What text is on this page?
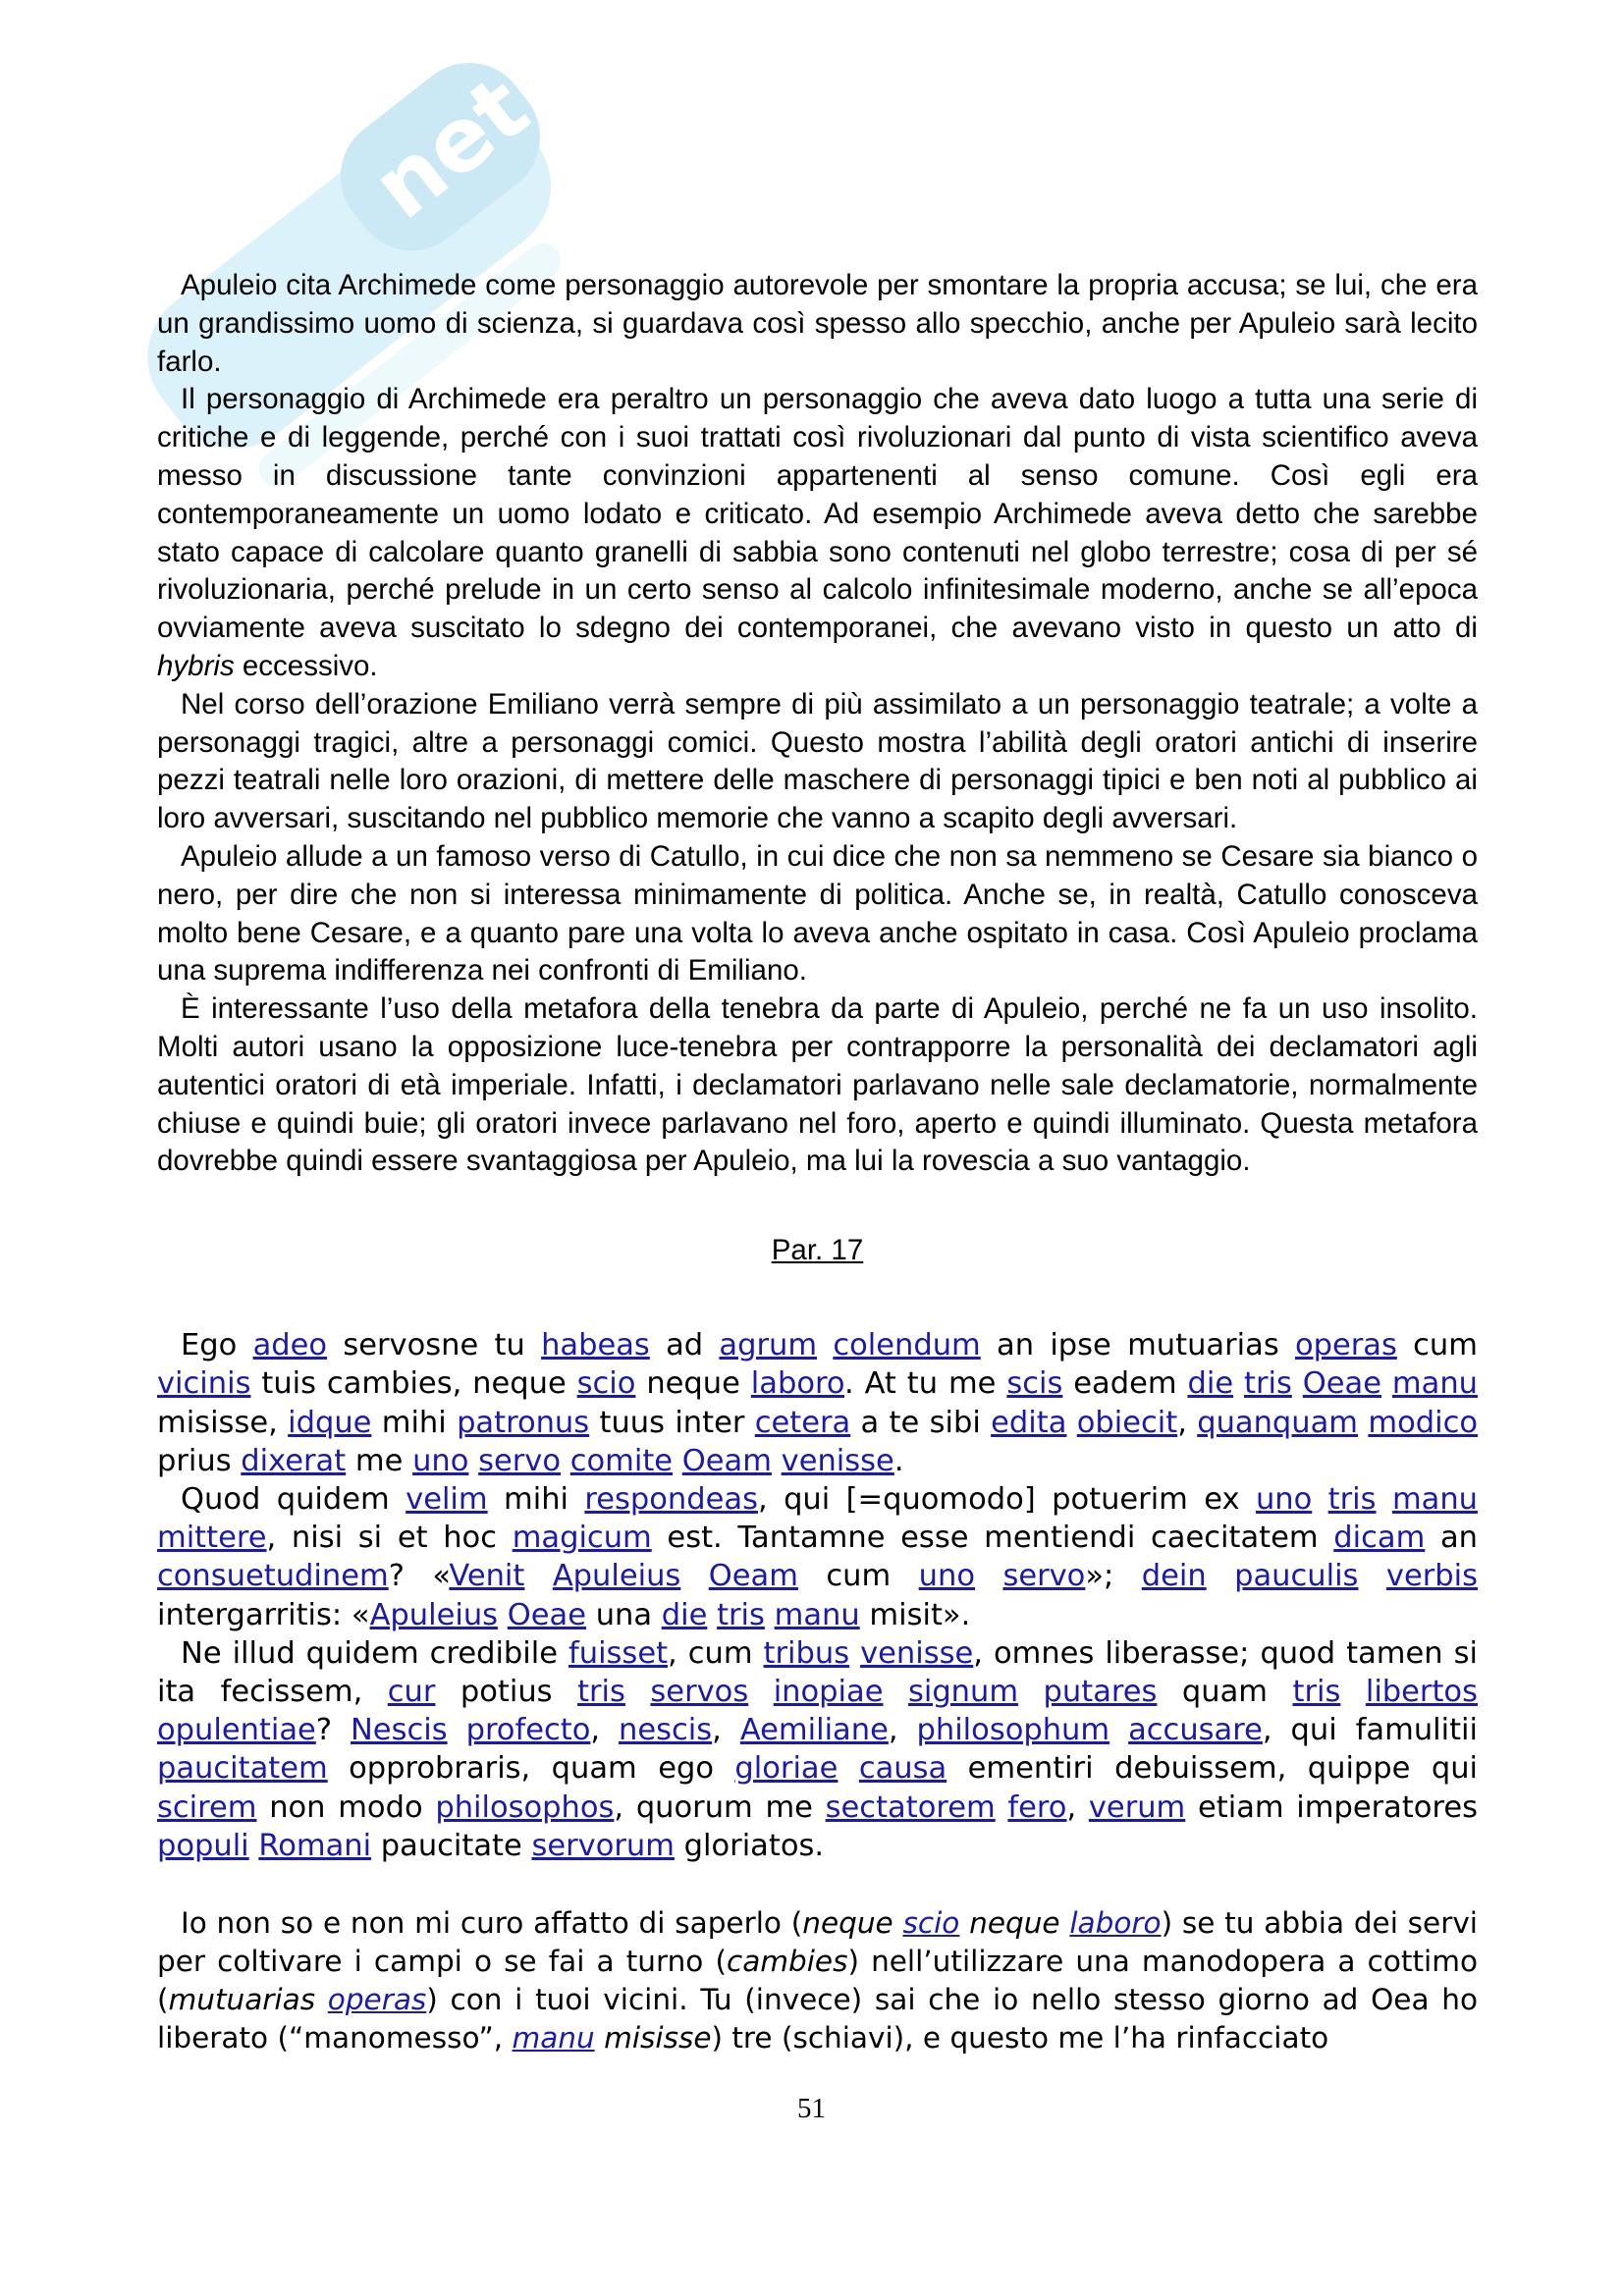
net

Apuleio cita Archimede come personaggio autorevole per smontare la propria accusa; se lui, che era un grandissimo uomo di scienza, si guardava così spesso allo specchio, anche per Apuleio sarà lecito farlo.

Il personaggio di Archimede era peraltro un personaggio che aveva dato luogo a tutta una serie di critiche e di leggende, perché con i suoi trattati così rivoluzionari dal punto di vista scientifico aveva messo in discussione tante convinzioni appartenenti al senso comune. Così egli era contemporaneamente un uomo lodato e criticato. Ad esempio Archimede aveva detto che sarebbe stato capace di calcolare quanto granelli di sabbia sono contenuti nel globo terrestre; cosa di per sé rivoluzionaria, perché prelude in un certo senso al calcolo infinitesimale moderno, anche se all’epoca ovviamente aveva suscitato lo sdegno dei contemporanei, che avevano visto in questo un atto di hybris eccessivo.

Nel corso dell’orazione Emiliano verrà sempre di più assimilato a un personaggio teatrale; a volte a personaggi tragici, altre a personaggi comici. Questo mostra l’abilità degli oratori antichi di inserire pezzi teatrali nelle loro orazioni, di mettere delle maschere di personaggi tipici e ben noti al pubblico ai loro avversari, suscitando nel pubblico memorie che vanno a scapito degli avversari.

Apuleio allude a un famoso verso di Catullo, in cui dice che non sa nemmeno se Cesare sia bianco o nero, per dire che non si interessa minimamente di politica. Anche se, in realtà, Catullo conosceva molto bene Cesare, e a quanto pare una volta lo aveva anche ospitato in casa. Così Apuleio proclama una suprema indifferenza nei confronti di Emiliano.

È interessante l’uso della metafora della tenebra da parte di Apuleio, perché ne fa un uso insolito. Molti autori usano la opposizione luce-tenebra per contrapporre la personalità dei declamatori agli autentici oratori di età imperiale. Infatti, i declamatori parlavano nelle sale declamatorie, normalmente chiuse e quindi buie; gli oratori invece parlavano nel foro, aperto e quindi illuminato. Questa metafora dovrebbe quindi essere svantaggiosa per Apuleio, ma lui la rovescia a suo vantaggio.

Par. 17

Ego adeo servosne tu habeas ad agrum colendum an ipse mutuarias operas cum vicinis tuis cambies, neque scio neque laboro. At tu me scis eadem die tris Oeae manu misisse, idque mihi patronus tuus inter cetera a te sibi edita obiecit, quanquam modico prius dixerat me uno servo comite Oeam venisse.

Quod quidem velim mihi respondeas, qui [=quomodo] potuerim ex uno tris manu mittere, nisi si et hoc magicum est. Tantamne esse mentiendi caecitatem dicam an consuetudinem? «Venit Apuleius Oeam cum uno servo»; dein pauculis verbis intergarritis: «Apuleius Oeae una die tris manu misit».

Ne illud quidem credibile fuisset, cum tribus venisse, omnes liberasse; quod tamen si ita fecissem, cur potius tris servos inopiae signum putares quam tris libertos opulentiae? Nescis profecto, nescis, Aemiliane, philosophum accusare, qui famulitii paucitatem opprobraris, quam ego gloriae causa ementiri debuissem, quippe qui scirem non modo philosophos, quorum me sectatorem fero, verum etiam imperatores populi Romani paucitate servorum gloriatos.

Io non so e non mi curo affatto di saperlo (neque scio neque laboro) se tu abbia dei servi per coltivare i campi o se fai a turno (cambies) nell’utilizzare una manodopera a cottimo (mutuarias operas) con i tuoi vicini. Tu (invece) sai che io nello stesso giorno ad Oea ho liberato (“manomesso”, manu misisse) tre (schiavi), e questo me l’ha rinfacciato

51
